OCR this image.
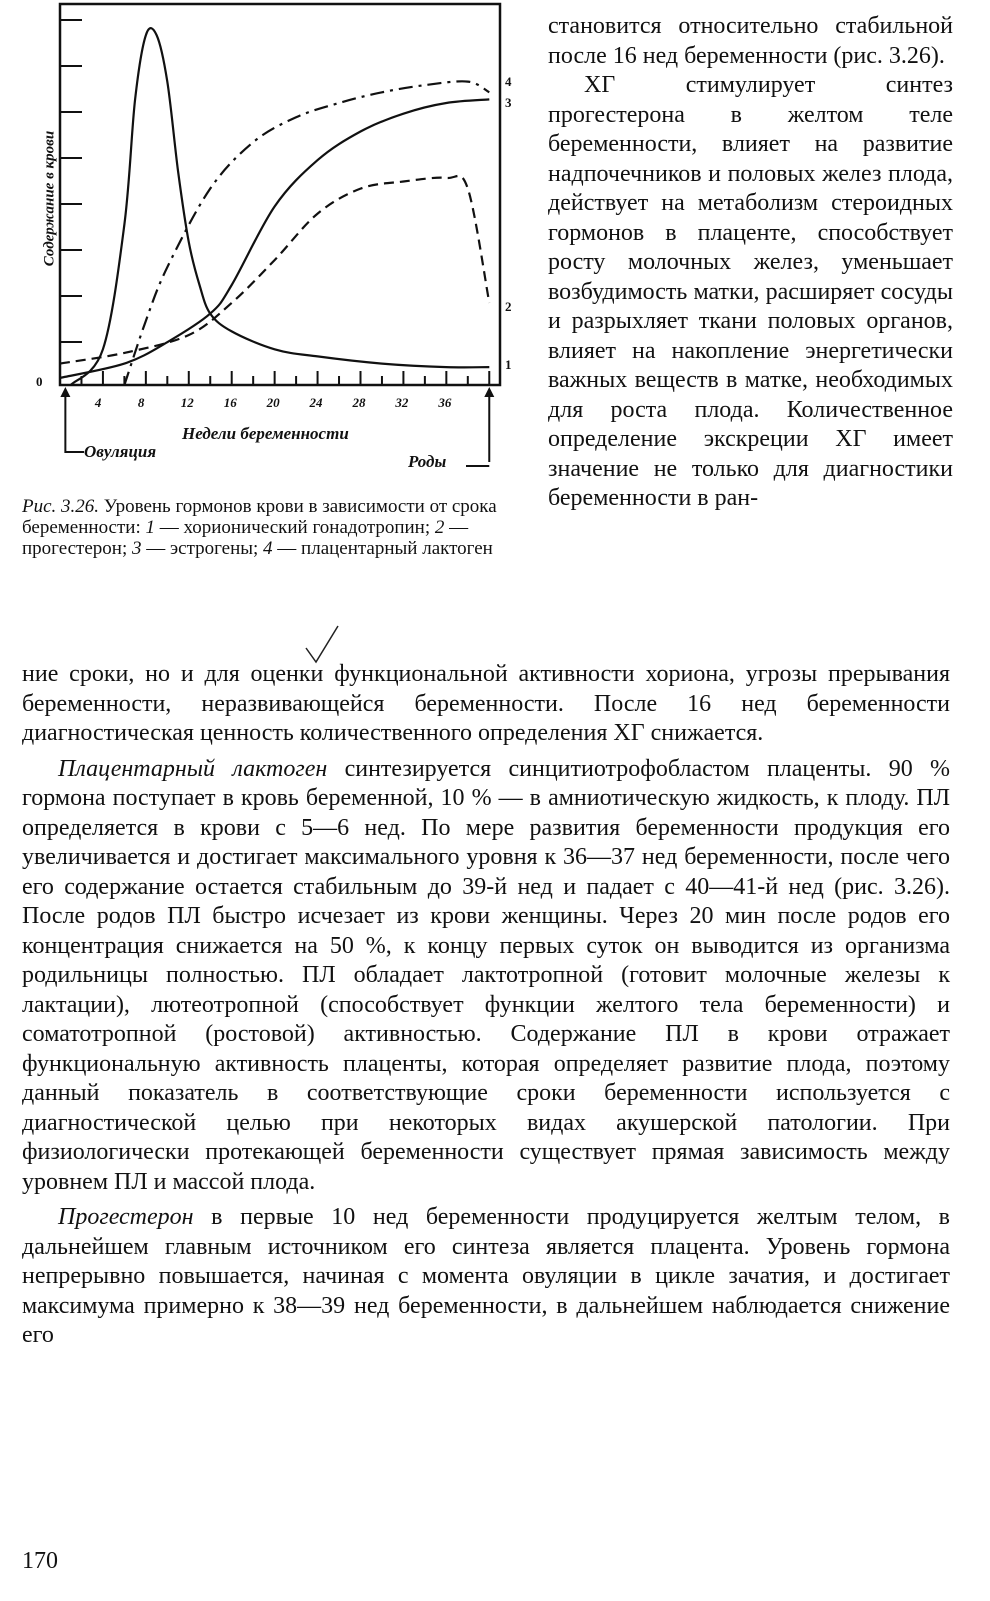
Содержание в крови
0
4	8	12 16 20 24 28 32 36
1
2
3
4
Недели беременности
Овуляция
Роды
Рис. 3.26. Уровень гормонов крови в зависимости от срока беременности: 1 — хорионический гонадотропин; 2 — прогестерон; 3 — эстрогены; 4 — плацентарный лактоген

становится относительно стабильной после 16 нед беременности (рис. 3.26).

ХГ стимулирует синтез прогестерона в желтом теле беременности, влияет на развитие надпочечников и половых желез плода, действует на метаболизм стероидных гормонов в плаценте, способствует росту молочных желез, уменьшает возбудимость матки, расширяет сосуды и разрыхляет ткани половых органов, влияет на накопление энергетически важных веществ в матке, необходимых для роста плода. Количественное определение экскреции ХГ имеет значение не только для диагностики беременности в ран-

ние сроки, но и для оценки функциональной активности хориона, угрозы прерывания беременности, неразвивающейся беременности. После 16 нед беременности диагностическая ценность количественного определения ХГ снижается.

Плацентарный лактоген синтезируется синцитиотрофобластом плаценты. 90 % гормона поступает в кровь беременной, 10 % — в амниотическую жидкость, к плоду. ПЛ определяется в крови с 5—6 нед. По мере развития беременности продукция его увеличивается и достигает максимального уровня к 36—37 нед беременности, после чего его содержание остается стабильным до 39-й нед и падает с 40—41-й нед (рис. 3.26). После родов ПЛ быстро исчезает из крови женщины. Через 20 мин после родов его концентрация снижается на 50 %, к концу первых суток он выводится из организма родильницы полностью. ПЛ обладает лактотропной (готовит молочные железы к лактации), лютеотропной (способствует функции желтого тела беременности) и соматотропной (ростовой) активностью. Содержание ПЛ в крови отражает функциональную активность плаценты, которая определяет развитие плода, поэтому данный показатель в соответствующие сроки беременности используется с диагностической целью при некоторых видах акушерской патологии. При физиологически протекающей беременности существует прямая зависимость между уровнем ПЛ и массой плода.

Прогестерон в первые 10 нед беременности продуцируется желтым телом, в дальнейшем главным источником его синтеза является плацента. Уровень гормона непрерывно повышается, начиная с момента овуляции в цикле зачатия, и достигает максимума примерно к 38—39 нед беременности, в дальнейшем наблюдается снижение его

170
